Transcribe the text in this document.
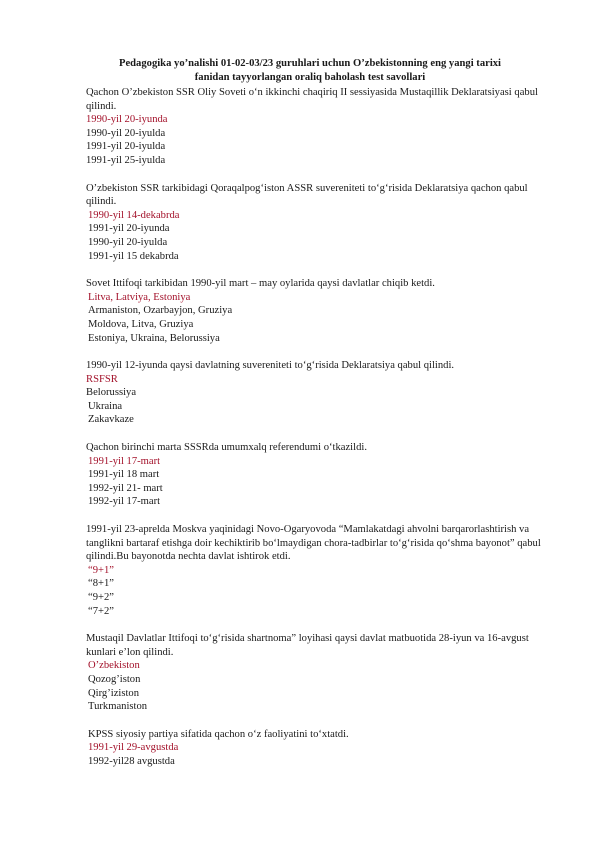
Pedagogika yo’nalishi 01-02-03/23 guruhlari uchun O’zbekistonning eng yangi tarixi
fanidan tayyorlangan oraliq baholash test savollari

Qachon O’zbekiston SSR Oliy Soveti o‘n ikkinchi chaqiriq II sessiyasida Mustaqillik Deklaratsiyasi qabul qilindi.

1990-yil 20-iyunda
1990-yil 20-iyulda
1991-yil 20-iyulda
1991-yil 25-iyulda

O’zbekiston SSR tarkibidagi Qoraqalpog‘iston ASSR suvereniteti to‘g‘risida Deklaratsiya qachon qabul qilindi.

1990-yil 14-dekabrda
1991-yil 20-iyunda
1990-yil 20-iyulda
1991-yil 15 dekabrda

Sovet Ittifoqi tarkibidan 1990-yil mart – may oylarida qaysi davlatlar chiqib ketdi.

Litva, Latviya, Estoniya
Armaniston, Ozarbayjon, Gruziya
Moldova, Litva, Gruziya
Estoniya, Ukraina, Belorussiya

1990-yil 12-iyunda qaysi davlatning suvereniteti to‘g‘risida Deklaratsiya qabul qilindi.

RSFSR
Belorussiya
Ukraina
Zakavkaze

Qachon birinchi marta SSSRda umumxalq referendumi o‘tkazildi.

1991-yil 17-mart
1991-yil 18 mart
1992-yil 21- mart
1992-yil 17-mart

1991-yil 23-aprelda Moskva yaqinidagi Novo-Ogaryovoda “Mamlakatdagi ahvolni barqarorlashtirish va tanglikni bartaraf etishga doir kechiktirib bo‘lmaydigan chora-tadbirlar to‘g‘risida qo‘shma bayonot” qabul qilindi.Bu bayonotda nechta davlat ishtirok etdi.

“9+1”
“8+1”
“9+2”
“7+2”

Mustaqil Davlatlar Ittifoqi to‘g‘risida shartnoma” loyihasi qaysi davlat matbuotida 28-iyun va 16-avgust kunlari e’lon qilindi.

O’zbekiston
Qozog’iston
Qirg’iziston
Turkmaniston

KPSS siyosiy partiya sifatida qachon o‘z faoliyatini to‘xtatdi.

1991-yil 29-avgustda
1992-yil28 avgustda
